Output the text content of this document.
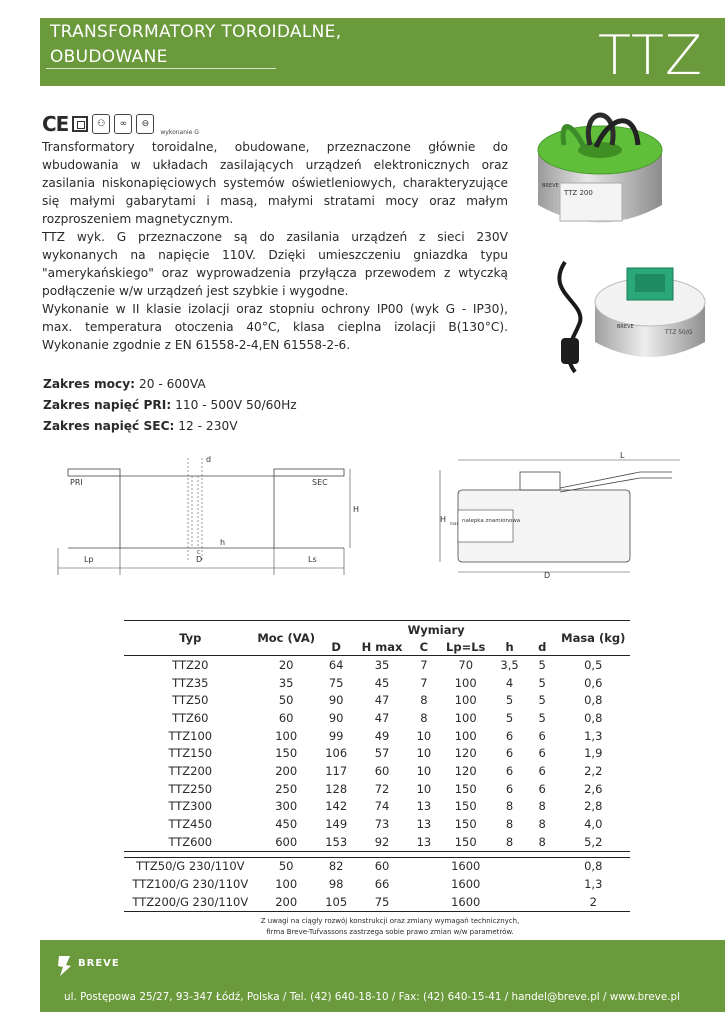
TRANSFORMATORY TOROIDALNE,
OBUDOWANE	TTZ
CE	⚇	∞	⊖
wykonanie G

Transformatory toroidalne, obudowane, przeznaczone głównie do wbudowania w układach zasilających urządzeń elektronicznych oraz zasilania niskonapięciowych systemów oświetleniowych, charakteryzujące się małymi gabarytami i masą, małymi stratami mocy oraz małym rozproszeniem magnetycznym.

TTZ wyk. G przeznaczone są do zasilania urządzeń z sieci 230V wykonanych na napięcie 110V. Dzięki umieszczeniu gniazdka typu "amerykańskiego" oraz wyprowadzenia przyłącza przewodem z wtyczką podłączenie w/w urządzeń jest szybkie i wygodne.

Wykonanie w II klasie izolacji oraz stopniu ochrony IP00 (wyk G - IP30), max. temperatura otoczenia 40°C, klasa cieplna izolacji B(130°C). Wykonanie zgodnie z EN 61558-2-4,EN 61558-2-6.

TTZ 200
BREVE
TTZ 50/G
BREVE
Zakres mocy: 20 - 600VA
Zakres napięć PRI: 110 - 500V 50/60Hz
Zakres napięć SEC: 12 - 230V
PRI	SEC
Lp	Ls
d
h
C
D
H
L
H max
D
nalepka znamionowa
Typ	Moc (VA)	Wymiary						Masa (kg)
		D	H max	C	Lp=Ls	h	d	
TTZ20	20	64	35	7	70	3,5	5	0,5
TTZ35	35	75	45	7	100	4	5	0,6
TTZ50	50	90	47	8	100	5	5	0,8
TTZ60	60	90	47	8	100	5	5	0,8
TTZ100	100	99	49	10	100	6	6	1,3
TTZ150	150	106	57	10	120	6	6	1,9
TTZ200	200	117	60	10	120	6	6	2,2
TTZ250	250	128	72	10	150	6	6	2,6
TTZ300	300	142	74	13	150	8	8	2,8
TTZ450	450	149	73	13	150	8	8	4,0
TTZ600	600	153	92	13	150	8	8	5,2

TTZ50/G 230/110V	50	82	60		1600			0,8
TTZ100/G 230/110V	100	98	66		1600			1,3
TTZ200/G 230/110V	200	105	75		1600			2
Z uwagi na ciągły rozwój konstrukcji oraz zmiany wymagań technicznych,
firma Breve-Tufvassons zastrzega sobie prawo zmian w/w parametrów.
BREVE
ul. Postępowa 25/27, 93-347 Łódź, Polska / Tel. (42) 640-18-10 / Fax: (42) 640-15-41 / handel@breve.pl / www.breve.pl
